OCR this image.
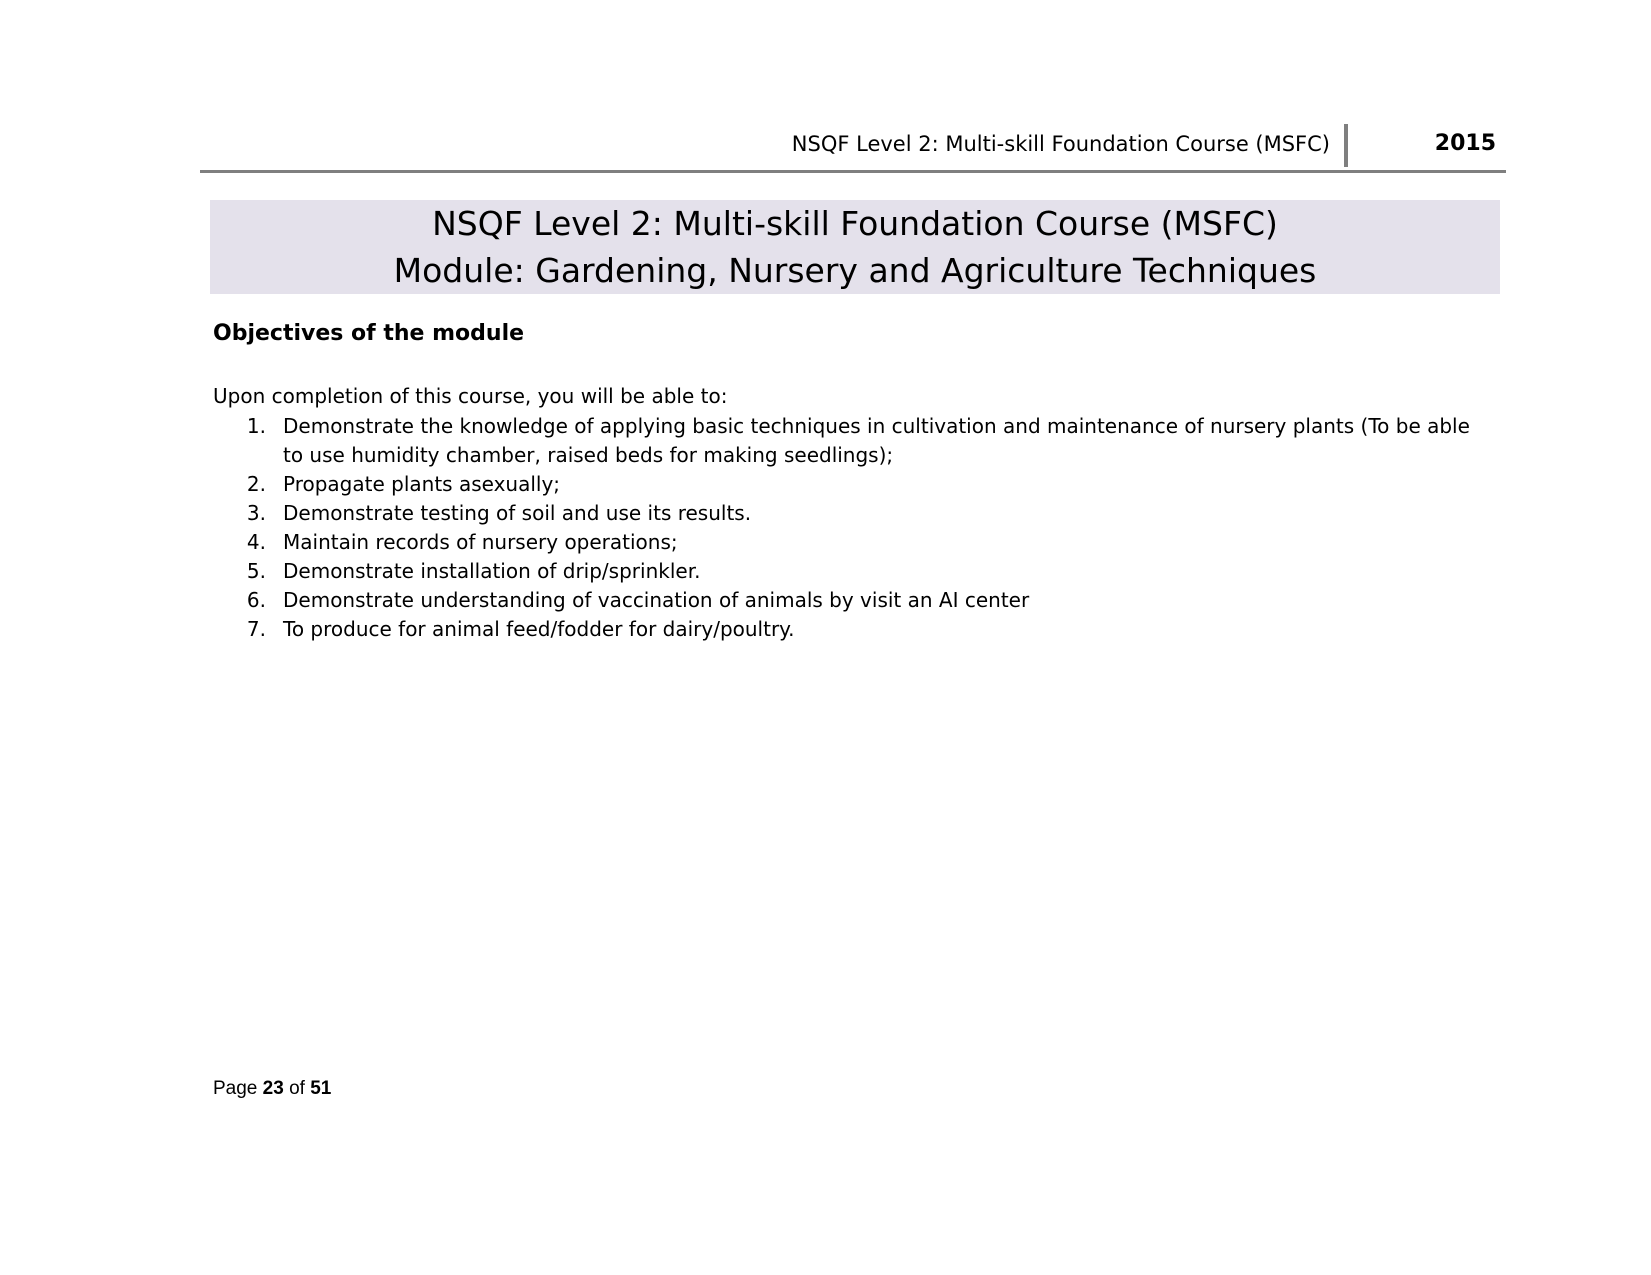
NSQF Level 2: Multi-skill Foundation Course (MSFC)	2015
NSQF Level 2: Multi-skill Foundation Course (MSFC)
Module: Gardening, Nursery and Agriculture Techniques
Objectives of the module
Upon completion of this course, you will be able to:
1. Demonstrate the knowledge of applying basic techniques in cultivation and maintenance of nursery plants (To be able to use humidity chamber, raised beds for making seedlings);
2. Propagate plants asexually;
3. Demonstrate testing of soil and use its results.
4. Maintain records of nursery operations;
5. Demonstrate installation of drip/sprinkler.
6. Demonstrate understanding of vaccination of animals by visit an AI center
7. To produce for animal feed/fodder for dairy/poultry.
Page 23 of 51
